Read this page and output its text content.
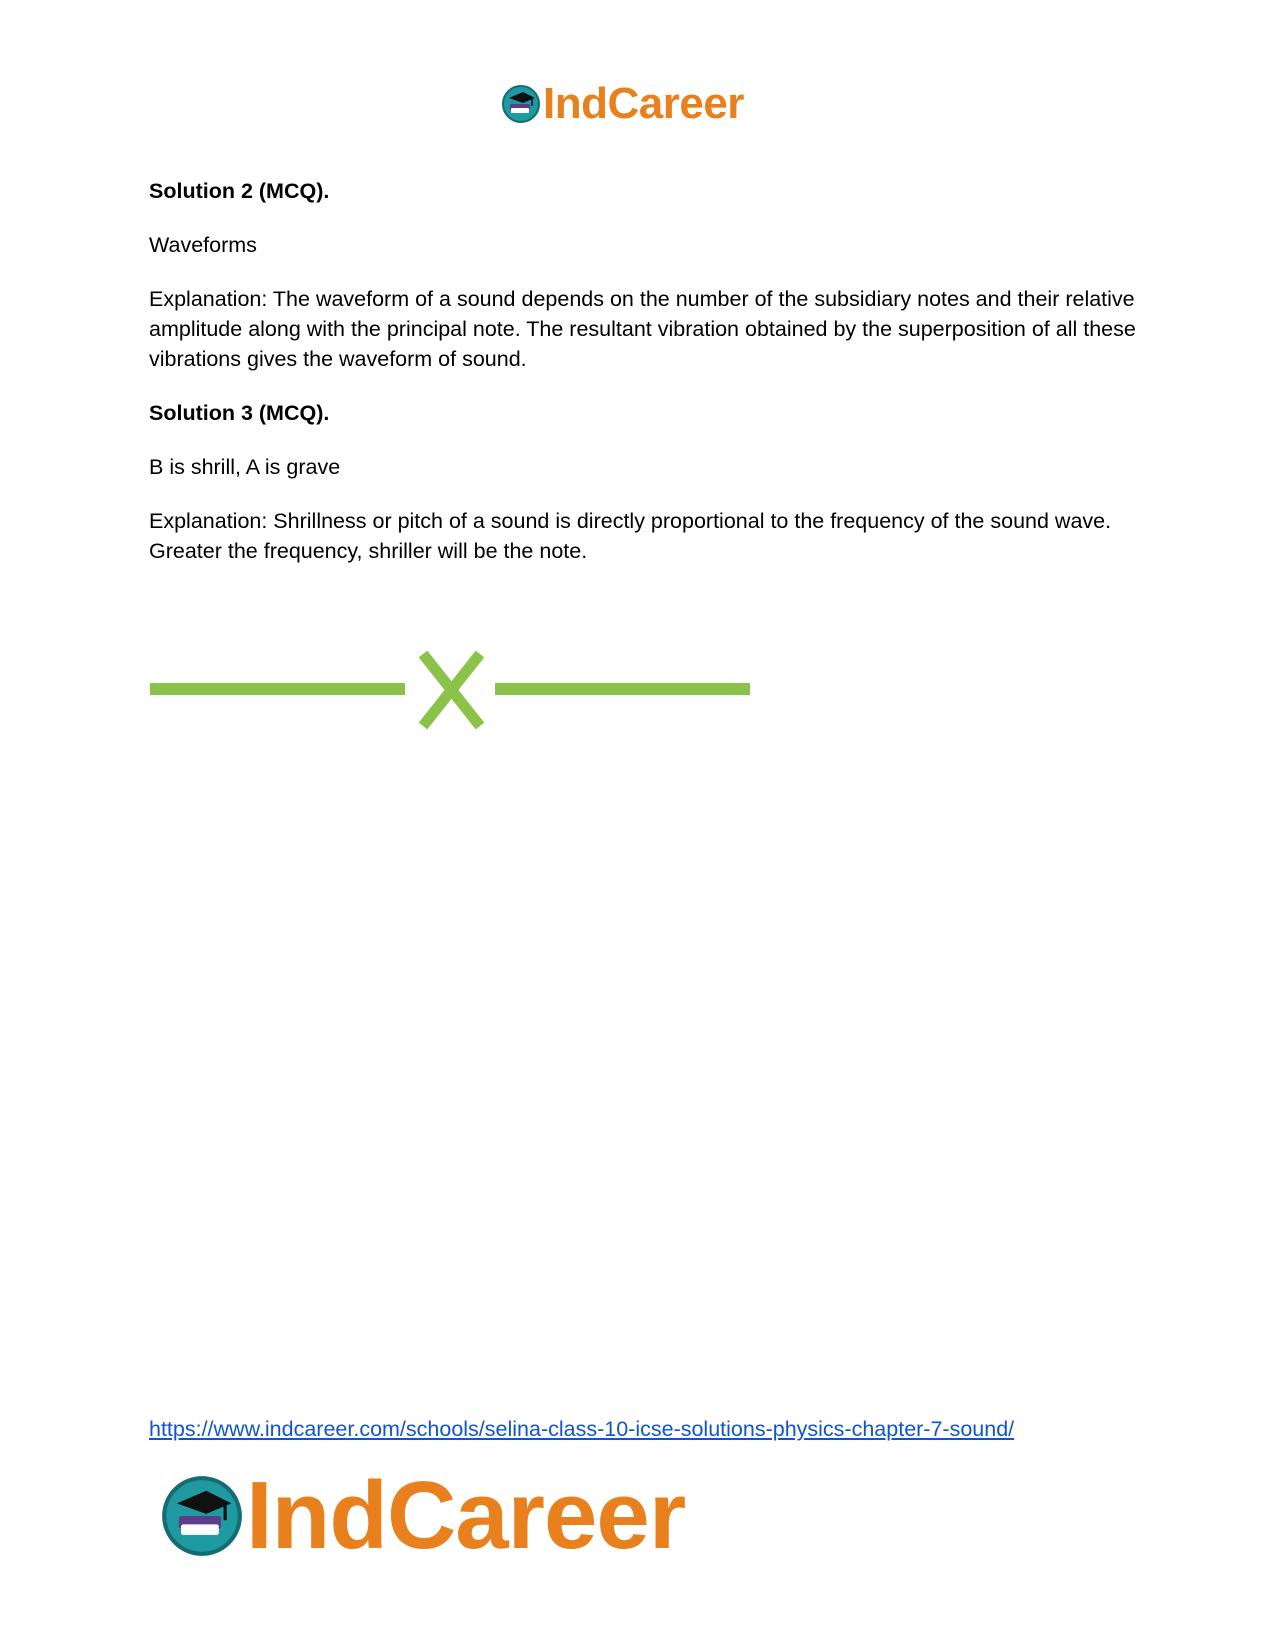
IndCareer

Solution 2 (MCQ).

Waveforms

Explanation: The waveform of a sound depends on the number of the subsidiary notes and their relative amplitude along with the principal note. The resultant vibration obtained by the superposition of all these vibrations gives the waveform of sound.

Solution 3 (MCQ).

B is shrill, A is grave

Explanation: Shrillness or pitch of a sound is directly proportional to the frequency of the sound wave. Greater the frequency, shriller will be the note.

https://www.indcareer.com/schools/selina-class-10-icse-solutions-physics-chapter-7-sound/
IndCareer
